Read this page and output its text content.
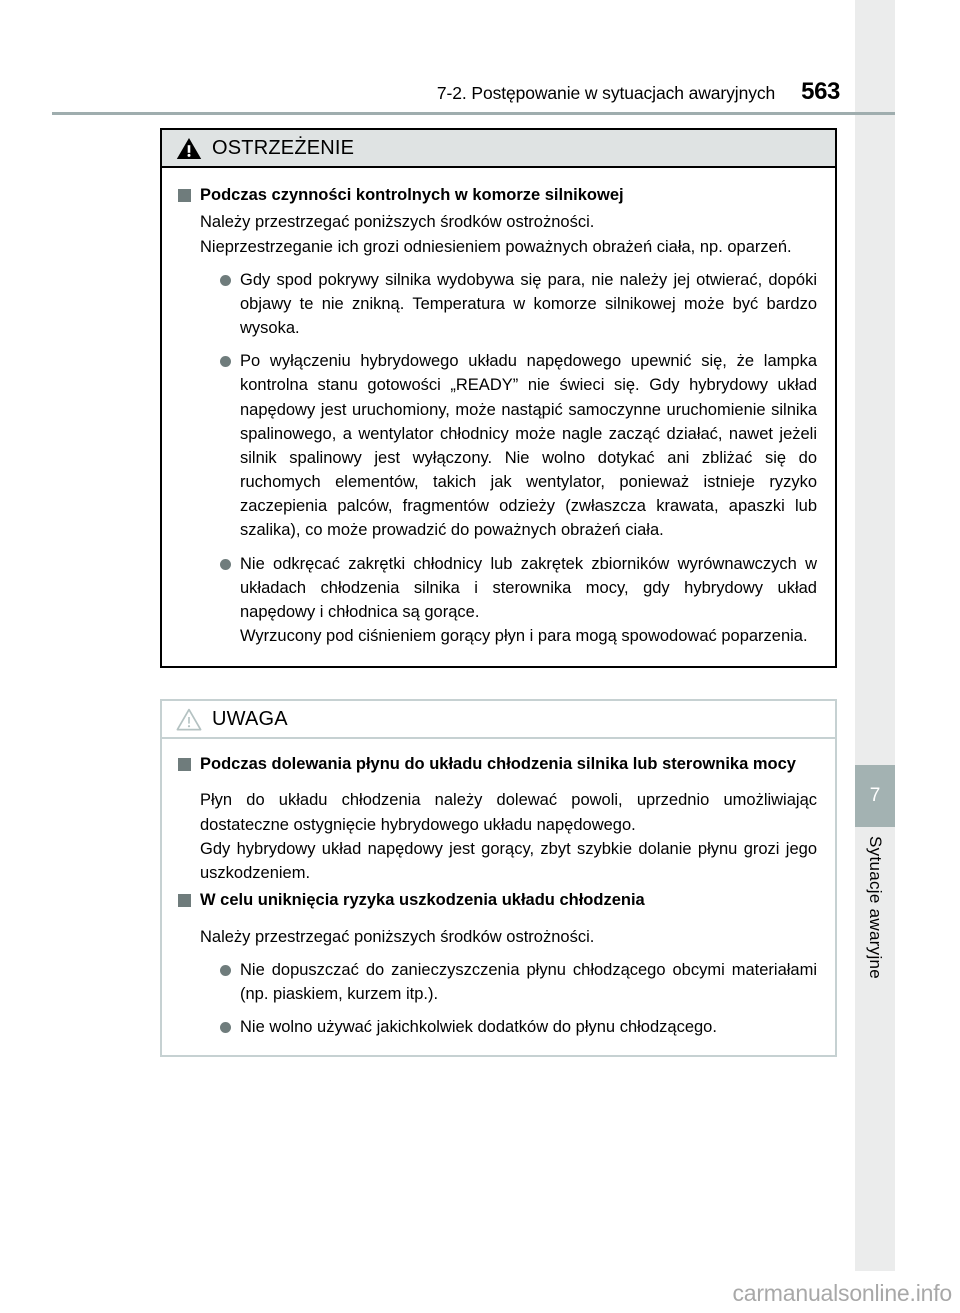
7-2. Postępowanie w sytuacjach awaryjnych 563
OSTRZEŻENIE
Podczas czynności kontrolnych w komorze silnikowej

Należy przestrzegać poniższych środków ostrożności.

Nieprzestrzeganie ich grozi odniesieniem poważnych obrażeń ciała, np. oparzeń.

Gdy spod pokrywy silnika wydobywa się para, nie należy jej otwierać, dopóki objawy te nie znikną. Temperatura w komorze silnikowej może być bardzo wysoka.
Po wyłączeniu hybrydowego układu napędowego upewnić się, że lampka kontrolna stanu gotowości „READY” nie świeci się. Gdy hybrydowy układ napędowy jest uruchomiony, może nastąpić samoczynne uruchomienie silnika spalinowego, a wentylator chłodnicy może nagle zacząć działać, nawet jeżeli silnik spalinowy jest wyłączony. Nie wolno dotykać ani zbliżać się do ruchomych elementów, takich jak wentylator, ponieważ istnieje ryzyko zaczepienia palców, fragmentów odzieży (zwłaszcza krawata, apaszki lub szalika), co może prowadzić do poważnych obrażeń ciała.
Nie odkręcać zakrętki chłodnicy lub zakrętek zbiorników wyrównawczych w układach chłodzenia silnika i sterownika mocy, gdy hybrydowy układ napędowy i chłodnica są gorące.
Wyrzucony pod ciśnieniem gorący płyn i para mogą spowodować poparzenia.
UWAGA
Podczas dolewania płynu do układu chłodzenia silnika lub sterownika mocy

Płyn do układu chłodzenia należy dolewać powoli, uprzednio umożliwiając dostateczne ostygnięcie hybrydowego układu napędowego.

Gdy hybrydowy układ napędowy jest gorący, zbyt szybkie dolanie płynu grozi jego uszkodzeniem.

W celu uniknięcia ryzyka uszkodzenia układu chłodzenia

Należy przestrzegać poniższych środków ostrożności.

Nie dopuszczać do zanieczyszczenia płynu chłodzącego obcymi materiałami (np. piaskiem, kurzem itp.).
Nie wolno używać jakichkolwiek dodatków do płynu chłodzącego.
7
Sytuacje awaryjne
carmanualsonline.info
